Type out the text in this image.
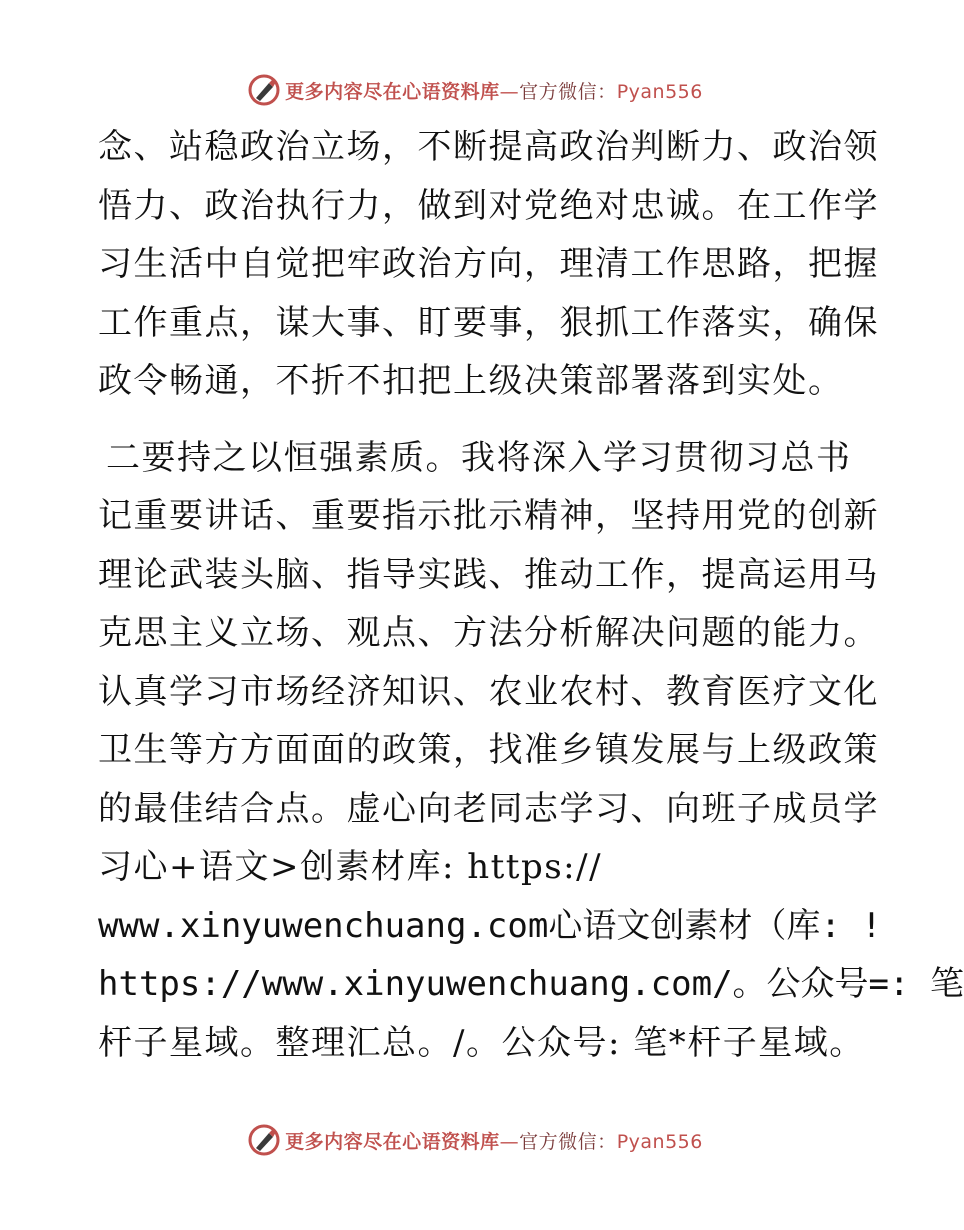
更多内容尽在心语资料库—官方微信：Pyan556
念、站稳政治立场，不断提高政治判断力、政治领
悟力、政治执行力，做到对党绝对忠诚。在工作学
习生活中自觉把牢政治方向，理清工作思路，把握
工作重点，谋大事、盯要事，狠抓工作落实，确保
政令畅通，不折不扣把上级决策部署落到实处。
二要持之以恒强素质。我将深入学习贯彻习总书
记重要讲话、重要指示批示精神，坚持用党的创新
理论武装头脑、指导实践、推动工作，提高运用马
克思主义立场、观点、方法分析解决问题的能力。
认真学习市场经济知识、农业农村、教育医疗文化
卫生等方方面面的政策，找准乡镇发展与上级政策
的最佳结合点。虚心向老同志学习、向班子成员学
习心+语文>创素材库: https://
www.xinyuwenchuang.com心语文创素材（库: !
https://www.xinyuwenchuang.com/。公众号=: 笔
杆子星域。整理汇总。/。公众号: 笔*杆子星域。
更多内容尽在心语资料库—官方微信：Pyan556
